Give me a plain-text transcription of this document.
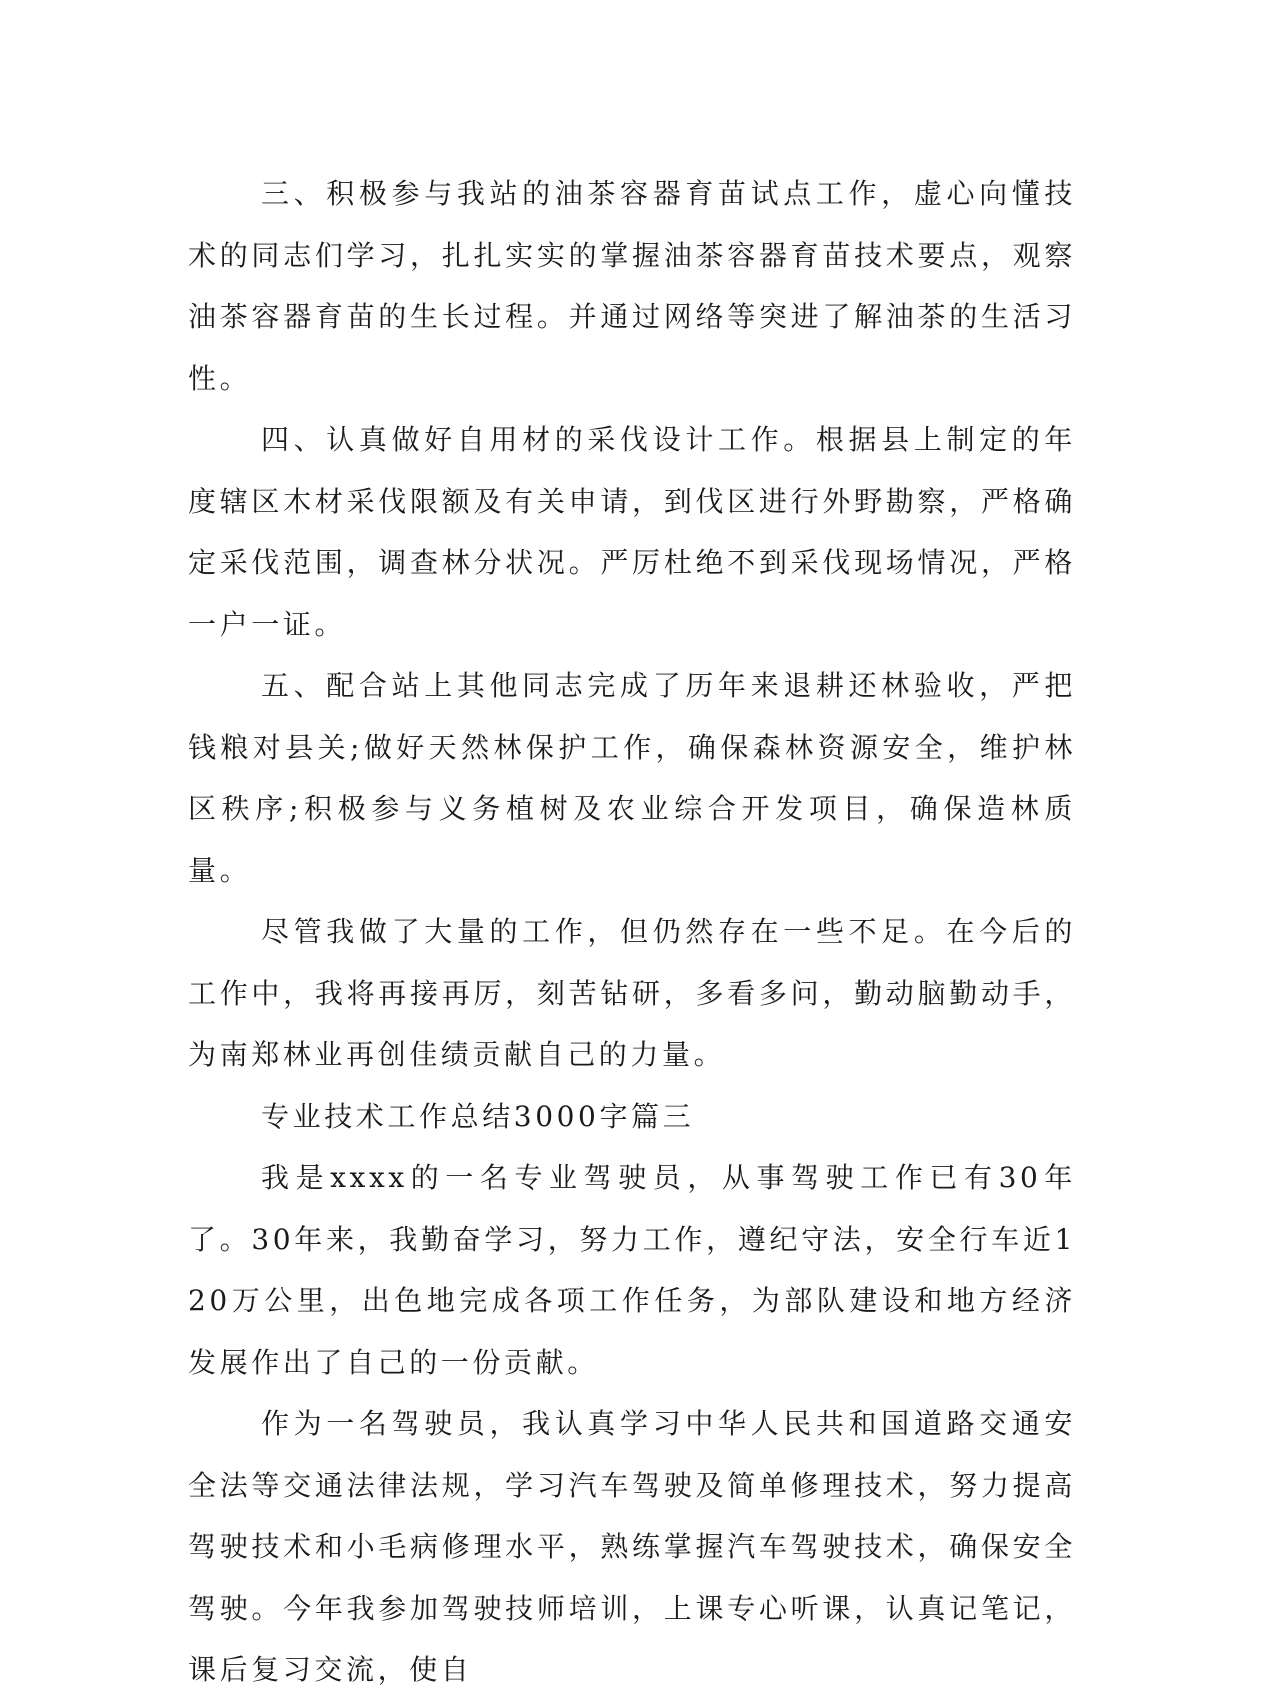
三、积极参与我站的油茶容器育苗试点工作，虚心向懂技术的同志们学习，扎扎实实的掌握油茶容器育苗技术要点，观察油茶容器育苗的生长过程。并通过网络等突进了解油茶的生活习性。

四、认真做好自用材的采伐设计工作。根据县上制定的年度辖区木材采伐限额及有关申请，到伐区进行外野勘察，严格确定采伐范围，调查林分状况。严厉杜绝不到采伐现场情况，严格一户一证。

五、配合站上其他同志完成了历年来退耕还林验收，严把钱粮对县关;做好天然林保护工作，确保森林资源安全，维护林区秩序;积极参与义务植树及农业综合开发项目，确保造林质量。

尽管我做了大量的工作，但仍然存在一些不足。在今后的工作中，我将再接再厉，刻苦钻研，多看多问，勤动脑勤动手，为南郑林业再创佳绩贡献自己的力量。

专业技术工作总结3000字篇三

我是xxxx的一名专业驾驶员，从事驾驶工作已有30年了。30年来，我勤奋学习，努力工作，遵纪守法，安全行车近120万公里，出色地完成各项工作任务，为部队建设和地方经济发展作出了自己的一份贡献。

作为一名驾驶员，我认真学习中华人民共和国道路交通安全法等交通法律法规，学习汽车驾驶及简单修理技术，努力提高驾驶技术和小毛病修理水平，熟练掌握汽车驾驶技术，确保安全驾驶。今年我参加驾驶技师培训，上课专心听课，认真记笔记，课后复习交流，使自
